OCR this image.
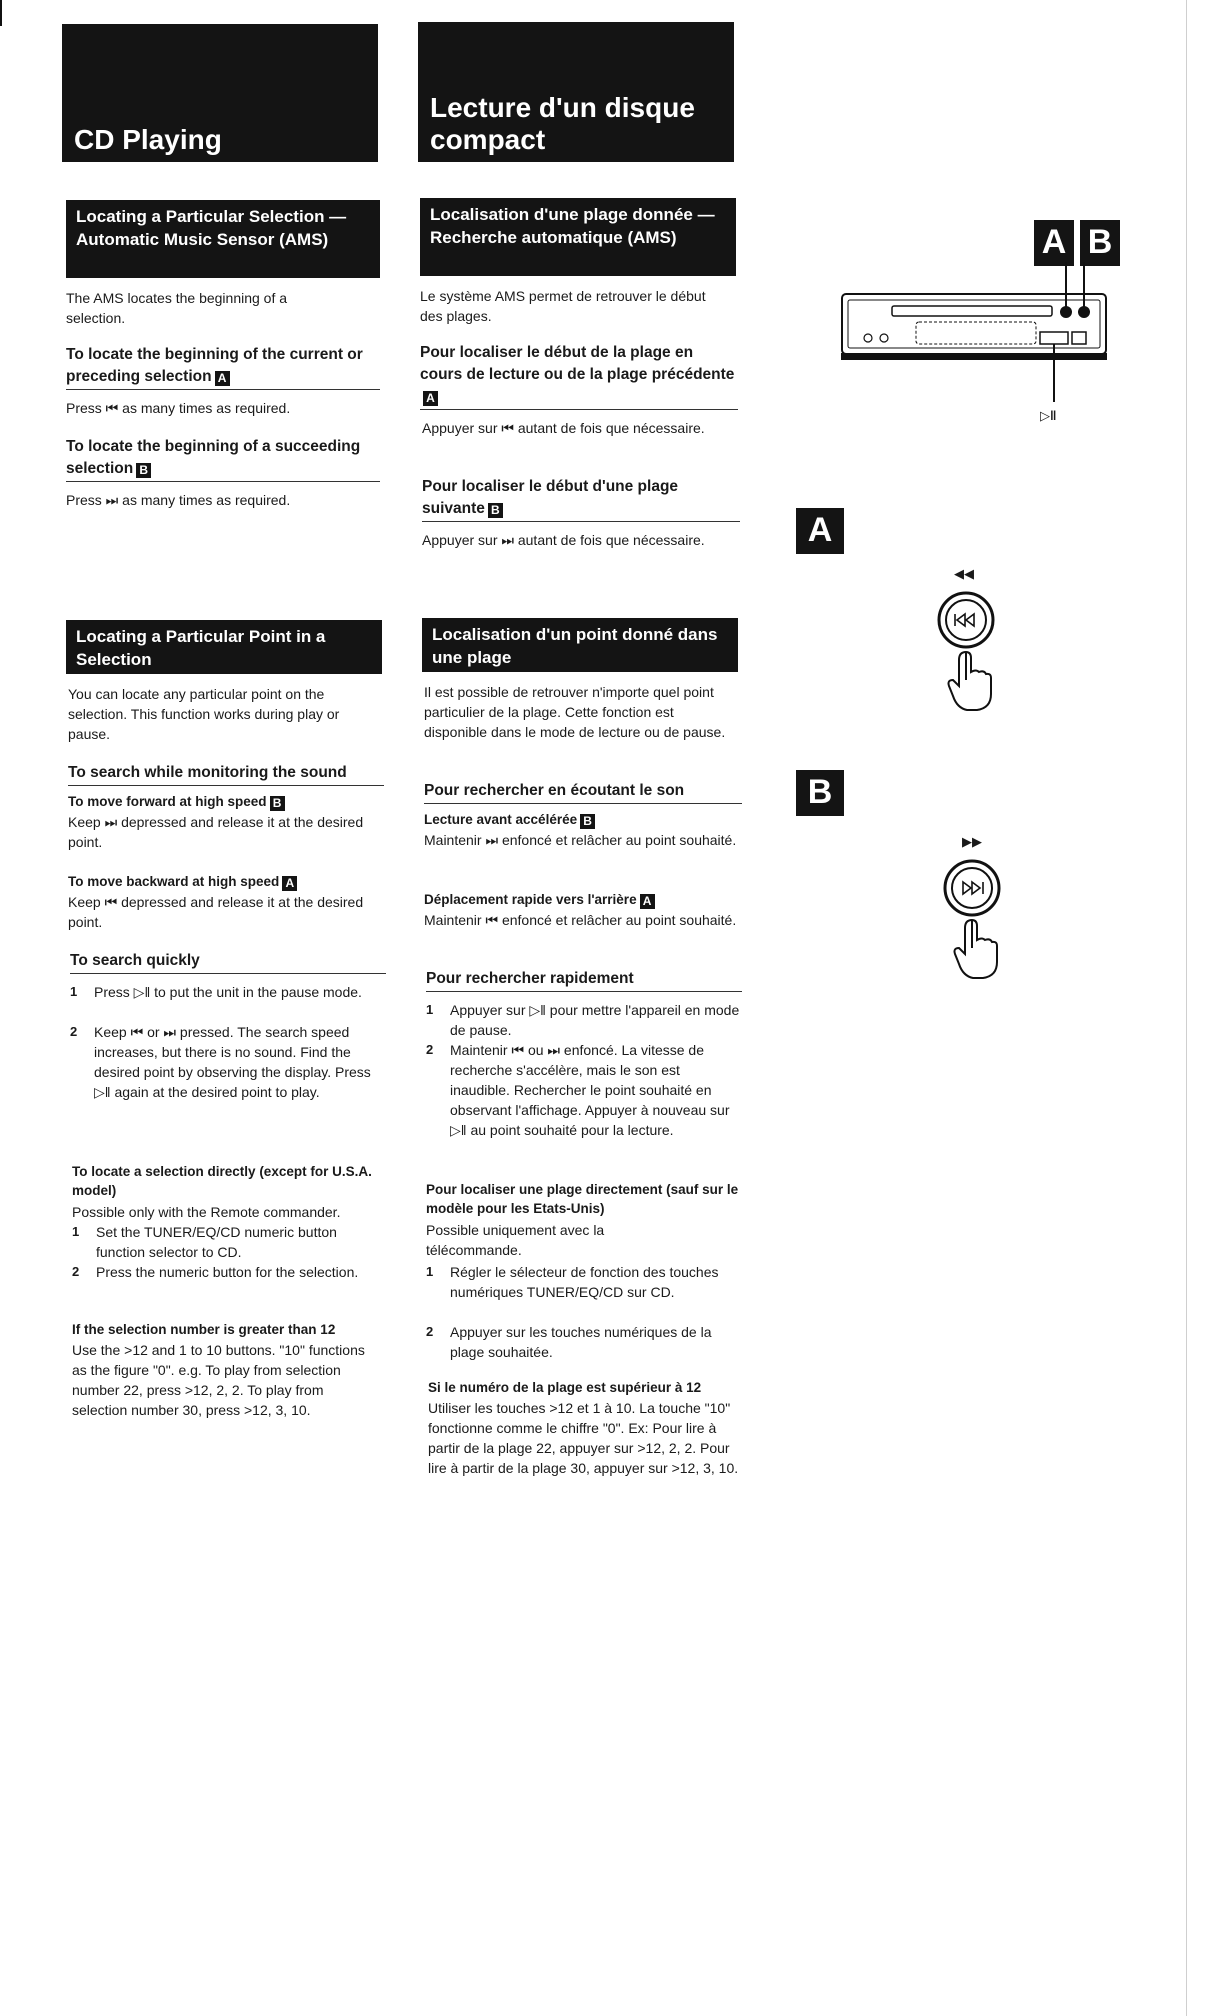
CD Playing
Locating a Particular Selection — Automatic Music Sensor (AMS)
The AMS locates the beginning of a selection.
To locate the beginning of the current or preceding selection A
Press ⏮ as many times as required.
To locate the beginning of a succeeding selection B
Press ⏭ as many times as required.
Locating a Particular Point in a Selection
You can locate any particular point on the selection. This function works during play or pause.
To search while monitoring the sound
To move forward at high speed B
Keep ⏭ depressed and release it at the desired point.
To move backward at high speed A
Keep ⏮ depressed and release it at the desired point.
To search quickly
1 Press ▷ǁ to put the unit in the pause mode.
2 Keep ⏮ or ⏭ pressed. The search speed increases, but there is no sound. Find the desired point by observing the display. Press ▷ǁ again at the desired point to play.
To locate a selection directly (except for U.S.A. model)
Possible only with the Remote commander.
1 Set the TUNER/EQ/CD numeric button function selector to CD.
2 Press the numeric button for the selection.
If the selection number is greater than 12
Use the >12 and 1 to 10 buttons. "10" functions as the figure "0". e.g. To play from selection number 22, press >12, 2, 2. To play from selection number 30, press >12, 3, 10.
Lecture d'un disque compact
Localisation d'une plage donnée — Recherche automatique (AMS)
Le système AMS permet de retrouver le début des plages.
Pour localiser le début de la plage en cours de lecture ou de la plage précédenteA
Appuyer sur ⏮ autant de fois que nécessaire.
Pour localiser le début d'une plage suivante B
Appuyer sur ⏭ autant de fois que nécessaire.
Localisation d'un point donné dans une plage
Il est possible de retrouver n'importe quel point particulier de la plage. Cette fonction est disponible dans le mode de lecture ou de pause.
Pour rechercher en écoutant le son
Lecture avant accélérée B
Maintenir ⏭ enfoncé et relâcher au point souhaité.
Déplacement rapide vers l'arrière A
Maintenir ⏮ enfoncé et relâcher au point souhaité.
Pour rechercher rapidement
1 Appuyer sur ▷ǁ pour mettre l'appareil en mode de pause.
2 Maintenir ⏮ ou ⏭ enfoncé. La vitesse de recherche s'accélère, mais le son est inaudible. Rechercher le point souhaité en observant l'affichage. Appuyer à nouveau sur ▷ǁ au point souhaité pour la lecture.
Pour localiser une plage directement (sauf sur le modèle pour les Etats-Unis)
Possible uniquement avec la télécommande.
1 Régler le sélecteur de fonction des touches numériques TUNER/EQ/CD sur CD.
2 Appuyer sur les touches numériques de la plage souhaitée.
Si le numéro de la plage est supérieur à 12
Utiliser les touches >12 et 1 à 10. La touche "10" fonctionne comme le chiffre "0". Ex: Pour lire à partir de la plage 22, appuyer sur >12, 2, 2. Pour lire à partir de la plage 30, appuyer sur >12, 3, 10.
A B
▷ǁ
A
◀◀
B
▶▶
